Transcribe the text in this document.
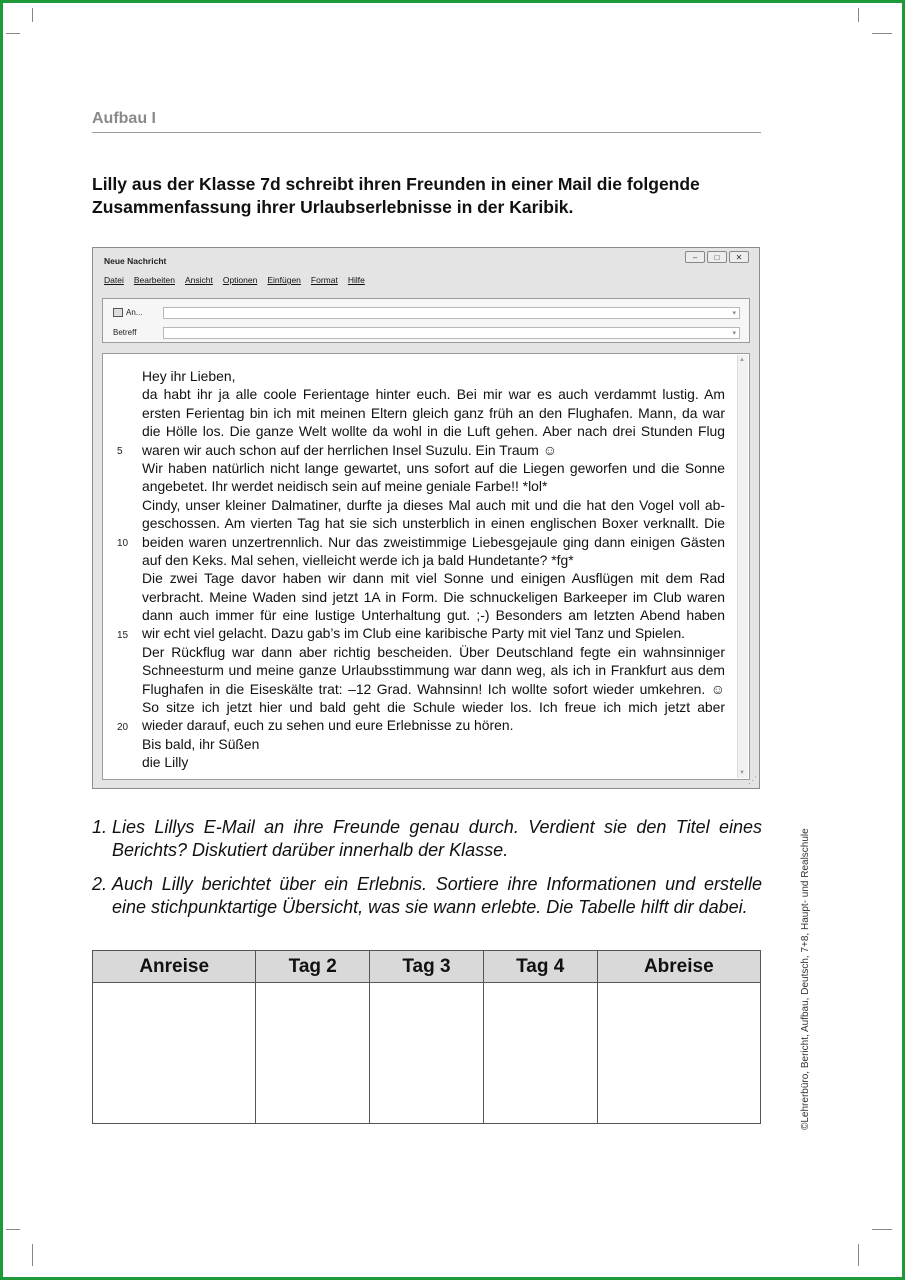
Aufbau I
Lilly aus der Klasse 7d schreibt ihren Freunden in einer Mail die folgende Zusammenfassung ihrer Urlaubserlebnisse in der Karibik.
Neue Nachricht	–	□	✕
Datei Bearbeiten Ansicht Optionen Einfügen Format Hilfe
An...	▾
Betreff	▾
Hey ihr Lieben,
da habt ihr ja alle coole Ferientage hinter euch. Bei mir war es auch verdammt lustig. Am
ersten Ferientag bin ich mit meinen Eltern gleich ganz früh an den Flughafen. Mann, da war
die Hölle los. Die ganze Welt wollte da wohl in die Luft gehen. Aber nach drei Stunden Flug
waren wir auch schon auf der herrlichen Insel Suzulu. Ein Traum ☺
Wir haben natürlich nicht lange gewartet, uns sofort auf die Liegen geworfen und die Sonne
angebetet. Ihr werdet neidisch sein auf meine geniale Farbe!! *lol*
Cindy, unser kleiner Dalmatiner, durfte ja dieses Mal auch mit und die hat den Vogel voll ab-
geschossen. Am vierten Tag hat sie sich unsterblich in einen englischen Boxer verknallt. Die
beiden waren unzertrennlich. Nur das zweistimmige Liebesgejaule ging dann einigen Gästen
auf den Keks. Mal sehen, vielleicht werde ich ja bald Hundetante? *fg*
Die zwei Tage davor haben wir dann mit viel Sonne und einigen Ausflügen mit dem Rad
verbracht. Meine Waden sind jetzt 1A in Form. Die schnuckeligen Barkeeper im Club waren
dann auch immer für eine lustige Unterhaltung gut. ;-) Besonders am letzten Abend haben
wir echt viel gelacht. Dazu gab’s im Club eine karibische Party mit viel Tanz und Spielen.
Der Rückflug war dann aber richtig bescheiden. Über Deutschland fegte ein wahnsinniger
Schneesturm und meine ganze Urlaubsstimmung war dann weg, als ich in Frankfurt aus dem
Flughafen in die Eiseskälte trat: –12 Grad. Wahnsinn! Ich wollte sofort wieder umkehren. ☺
So sitze ich jetzt hier und bald geht die Schule wieder los. Ich freue ich mich jetzt aber
wieder darauf, euch zu sehen und eure Erlebnisse zu hören.
Bis bald, ihr Süßen
die Lilly
5
10
15
20
▲
▼
⋰
1. Lies Lillys E-Mail an ihre Freunde genau durch. Verdient sie den Titel eines Berichts? Diskutiert darüber innerhalb der Klasse.
2. Auch Lilly berichtet über ein Erlebnis. Sortiere ihre Informationen und erstelle eine stichpunktartige Übersicht, was sie wann erlebte. Die Tabelle hilft dir dabei.
Anreise	Tag 2	Tag 3	Tag 4	Abreise
					©Lehrerbüro, Bericht, Aufbau, Deutsch, 7+8, Haupt- und Realschule
